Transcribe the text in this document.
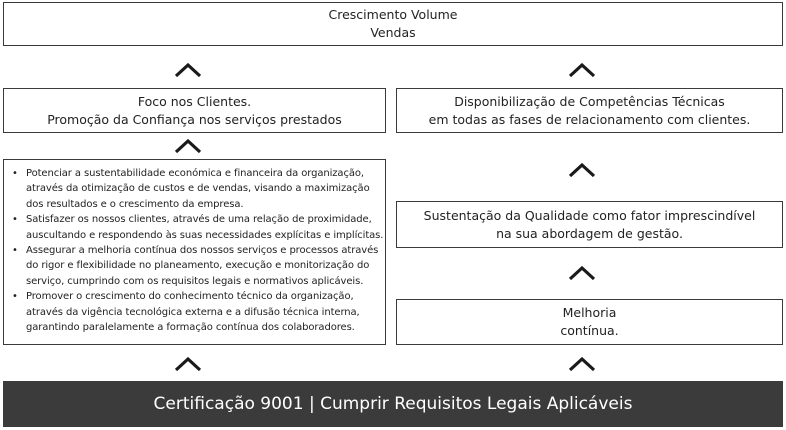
Crescimento Volume
Vendas
Foco nos Clientes.
Promoção da Confiança nos serviços prestados
Disponibilização de Competências Técnicas
em todas as fases de relacionamento com clientes.
• Potenciar a sustentabilidade económica e financeira da organização,
através da otimização de custos e de vendas, visando a maximização
dos resultados e o crescimento da empresa.
• Satisfazer os nossos clientes, através de uma relação de proximidade,
auscultando e respondendo às suas necessidades explícitas e implícitas.
• Assegurar a melhoria contínua dos nossos serviços e processos através
do rigor e flexibilidade no planeamento, execução e monitorização do
serviço, cumprindo com os requisitos legais e normativos aplicáveis.
• Promover o crescimento do conhecimento técnico da organização,
através da vigência tecnológica externa e a difusão técnica interna,
garantindo paralelamente a formação contínua dos colaboradores.
Sustentação da Qualidade como fator imprescindível
na sua abordagem de gestão.
Melhoria
contínua.
Certificação 9001 | Cumprir Requisitos Legais Aplicáveis
